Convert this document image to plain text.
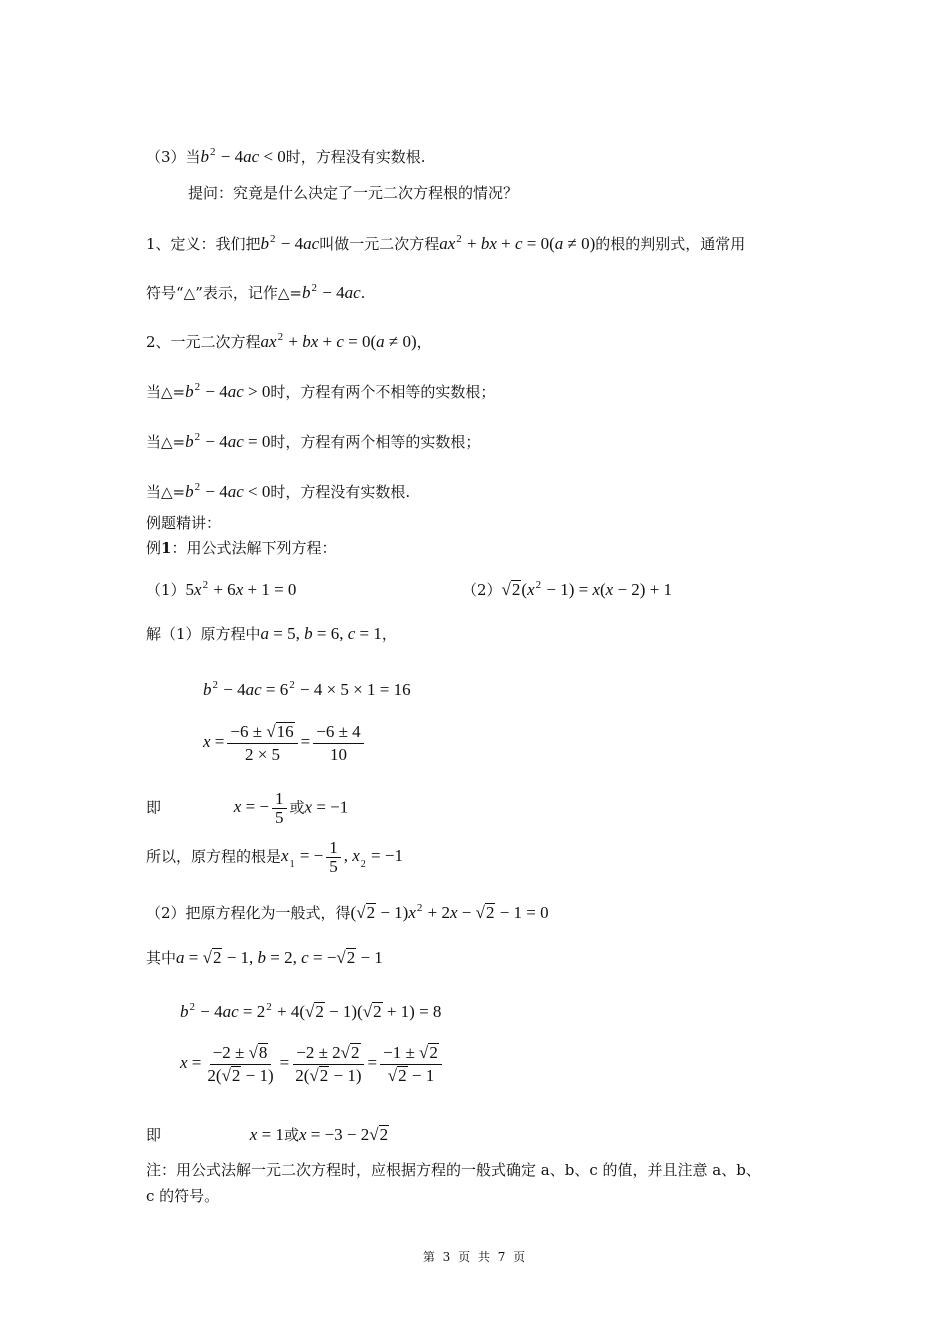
（3）当$b^2 - 4ac < 0$时，方程没有实数根.
提问：究竟是什么决定了一元二次方程根的情况？
1、定义：我们把$b^2 - 4ac$叫做一元二次方程$ax^2$ + bx + c = 0(a ≠ 0)的根的判别式，通常用
符号“△”表示，记作$\triangle=b^2 - 4ac$.
2、一元二次方程$ax^2$ + bx + c = 0(a ≠ 0)，
当$\triangle=b^2 - 4ac > 0$时，方程有两个不相等的实数根；
当$\triangle=b^2 - 4ac = 0$时，方程有两个相等的实数根；
当$\triangle=b^2 - 4ac < 0$时，方程没有实数根.
例题精讲：
例1：用公式法解下列方程：
$(1)5x^2 + 6x + 1 = 0$	$(2)√2(x^2 - 1) = x(x - 2) + 1$
解（1）原方程中a = 5, b = 6, c = 1，
$b^2 - 4ac = 6^2 - 4 \times 5 \times 1 = 16$
$x = \frac{-6 \pm √16}{2 \times 5} = \frac{-6 \pm 4}{10}$
即	x = − $\frac{1}{5}$ 或x = −1
所以，原方程的根是$x_1$ = − $\frac{1}{5}$ , $x_2 = -1$
（2）把原方程化为一般式，得$(√2 - 1)x^2 + 2x - √2 - 1 = 0$
其中a = √2 − 1, b = 2, c = −√2 − 1
$b^2 - 4ac = 2^2 + 4(√2 - 1)(√2 + 1) = 8$
$x = \frac{-2 \pm √8}{2(√2 - 1)} = \frac{-2 \pm 2√2}{2(√2 - 1)} = \frac{-1 \pm √2}{√2 - 1}$
即	x = 1或x = −3 − 2√2
注：用公式法解一元二次方程时，应根据方程的一般式确定 a、b、c 的值，并且注意 a、b、
c 的符号。
第 3 页 共 7 页
